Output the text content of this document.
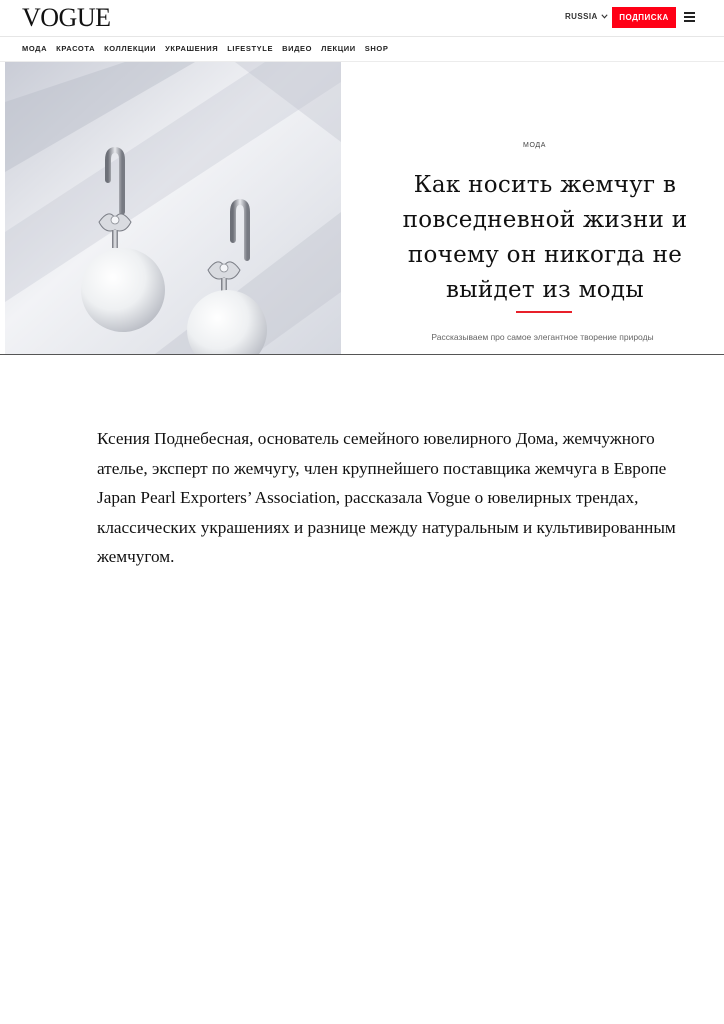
VOGUE	RUSSIA	ПОДПИСКА
МОДА КРАСОТА КОЛЛЕКЦИИ УКРАШЕНИЯ LIFESTYLE ВИДЕО ЛЕКЦИИ SHOP
МОДА
Как носить жемчуг в повседневной жизни и почему он никогда не выйдет из моды
Рассказываем про самое элегантное творение природы

Ксения Поднебесная, основатель семейного ювелирного Дома, жемчужного ателье, эксперт по жемчугу, член крупнейшего поставщика жемчуга в Европе Japan Pearl Exporters’ Association, рассказала Vogue о ювелирных трендах, классических украшениях и разнице между натуральным и культивированным жемчугом.
